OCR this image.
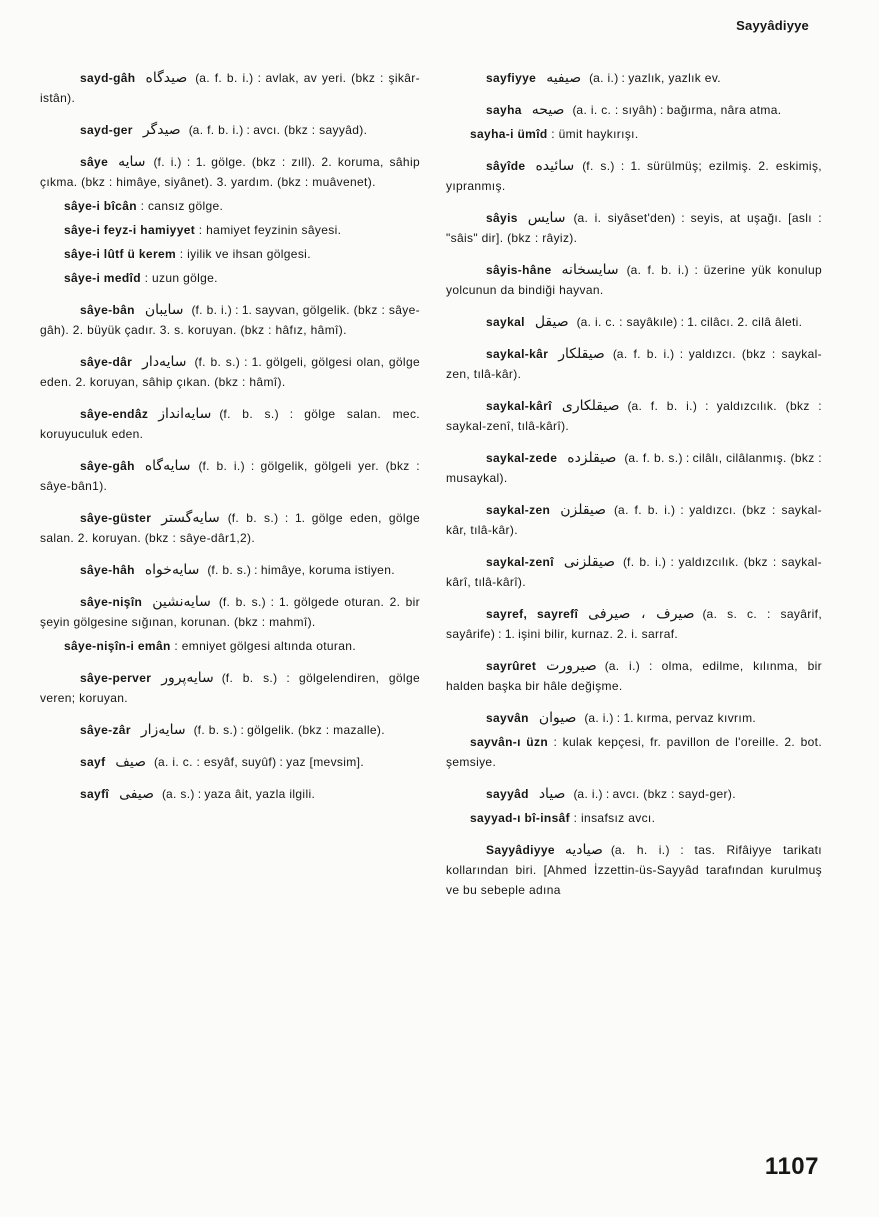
Sayyâdiyye

sayd-gâh صیدگاه (a. f. b. i.) : avlak, av yeri. (bkz : şikâr-istân).

sayd-ger صیدگر (a. f. b. i.) : avcı. (bkz : sayyâd).

sâye سایه (f. i.) : 1. gölge. (bkz : zıll). 2. koruma, sâhip çıkma. (bkz : himâye, siyânet). 3. yardım. (bkz : muâvenet).

sâye-i bîcân : cansız gölge.

sâye-i feyz-i hamiyyet : hamiyet feyzinin sâyesi.

sâye-i lûtf ü kerem : iyilik ve ihsan gölgesi.

sâye-i medîd : uzun gölge.

sâye-bân سایبان (f. b. i.) : 1. sayvan, gölgelik. (bkz : sâye-gâh). 2. büyük çadır. 3. s. koruyan. (bkz : hâfız, hâmî).

sâye-dâr سایه‌دار (f. b. s.) : 1. gölgeli, gölgesi olan, gölge eden. 2. koruyan, sâhip çıkan. (bkz : hâmî).

sâye-endâz سایه‌انداز (f. b. s.) : gölge salan. mec. koruyuculuk eden.

sâye-gâh سایه‌گاه (f. b. i.) : gölgelik, gölgeli yer. (bkz : sâye-bân1).

sâye-güster سایه‌گستر (f. b. s.) : 1. gölge eden, gölge salan. 2. koruyan. (bkz : sâye-dâr1,2).

sâye-hâh سایه‌خواه (f. b. s.) : himâye, koruma istiyen.

sâye-nişîn سایه‌نشین (f. b. s.) : 1. gölgede oturan. 2. bir şeyin gölgesine sığınan, korunan. (bkz : mahmî).

sâye-nişîn-i emân : emniyet gölgesi altında oturan.

sâye-perver سایه‌پرور (f. b. s.) : gölgelendiren, gölge veren; koruyan.

sâye-zâr سایه‌زار (f. b. s.) : gölgelik. (bkz : mazalle).

sayf صیف (a. i. c. : esyâf, suyûf) : yaz [mevsim].

sayfî صیفی (a. s.) : yaza âit, yazla ilgili.

sayfiyye صیفیه (a. i.) : yazlık, yazlık ev.

sayha صیحه (a. i. c. : sıyâh) : bağırma, nâra atma.

sayha-i ümîd : ümit haykırışı.

sâyîde سائیده (f. s.) : 1. sürülmüş; ezilmiş. 2. eskimiş, yıpranmış.

sâyis سایس (a. i. siyâset'den) : seyis, at uşağı. [aslı : "sâis" dir]. (bkz : râyiz).

sâyis-hâne سایسخانه (a. f. b. i.) : üzerine yük konulup yolcunun da bindiği hayvan.

saykal صیقل (a. i. c. : sayâkıle) : 1. cilâcı. 2. cilâ âleti.

saykal-kâr صیقلکار (a. f. b. i.) : yaldızcı. (bkz : saykal-zen, tılâ-kâr).

saykal-kârî صیقلکاری (a. f. b. i.) : yaldızcılık. (bkz : saykal-zenî, tılâ-kârî).

saykal-zede صیقلزده (a. f. b. s.) : cilâlı, cilâlanmış. (bkz : musaykal).

saykal-zen صیقلزن (a. f. b. i.) : yaldızcı. (bkz : saykal-kâr, tılâ-kâr).

saykal-zenî صیقلزنی (f. b. i.) : yaldızcılık. (bkz : saykal-kârî, tılâ-kârî).

sayref, sayrefî صیرف ، صیرفی (a. s. c. : sayârif, sayârife) : 1. işini bilir, kurnaz. 2. i. sarraf.

sayrûret صیرورت (a. i.) : olma, edilme, kılınma, bir halden başka bir hâle değişme.

sayvân صیوان (a. i.) : 1. kırma, pervaz kıvrım.

sayvân-ı üzn : kulak kepçesi, fr. pavillon de l'oreille. 2. bot. şemsiye.

sayyâd صیاد (a. i.) : avcı. (bkz : sayd-ger).

sayyad-ı bî-insâf : insafsız avcı.

Sayyâdiyye صیادیه (a. h. i.) : tas. Rifâiyye tarikatı kollarından biri. [Ahmed İzzettin-üs-Sayyâd tarafından kurulmuş ve bu sebeple adına

1107
